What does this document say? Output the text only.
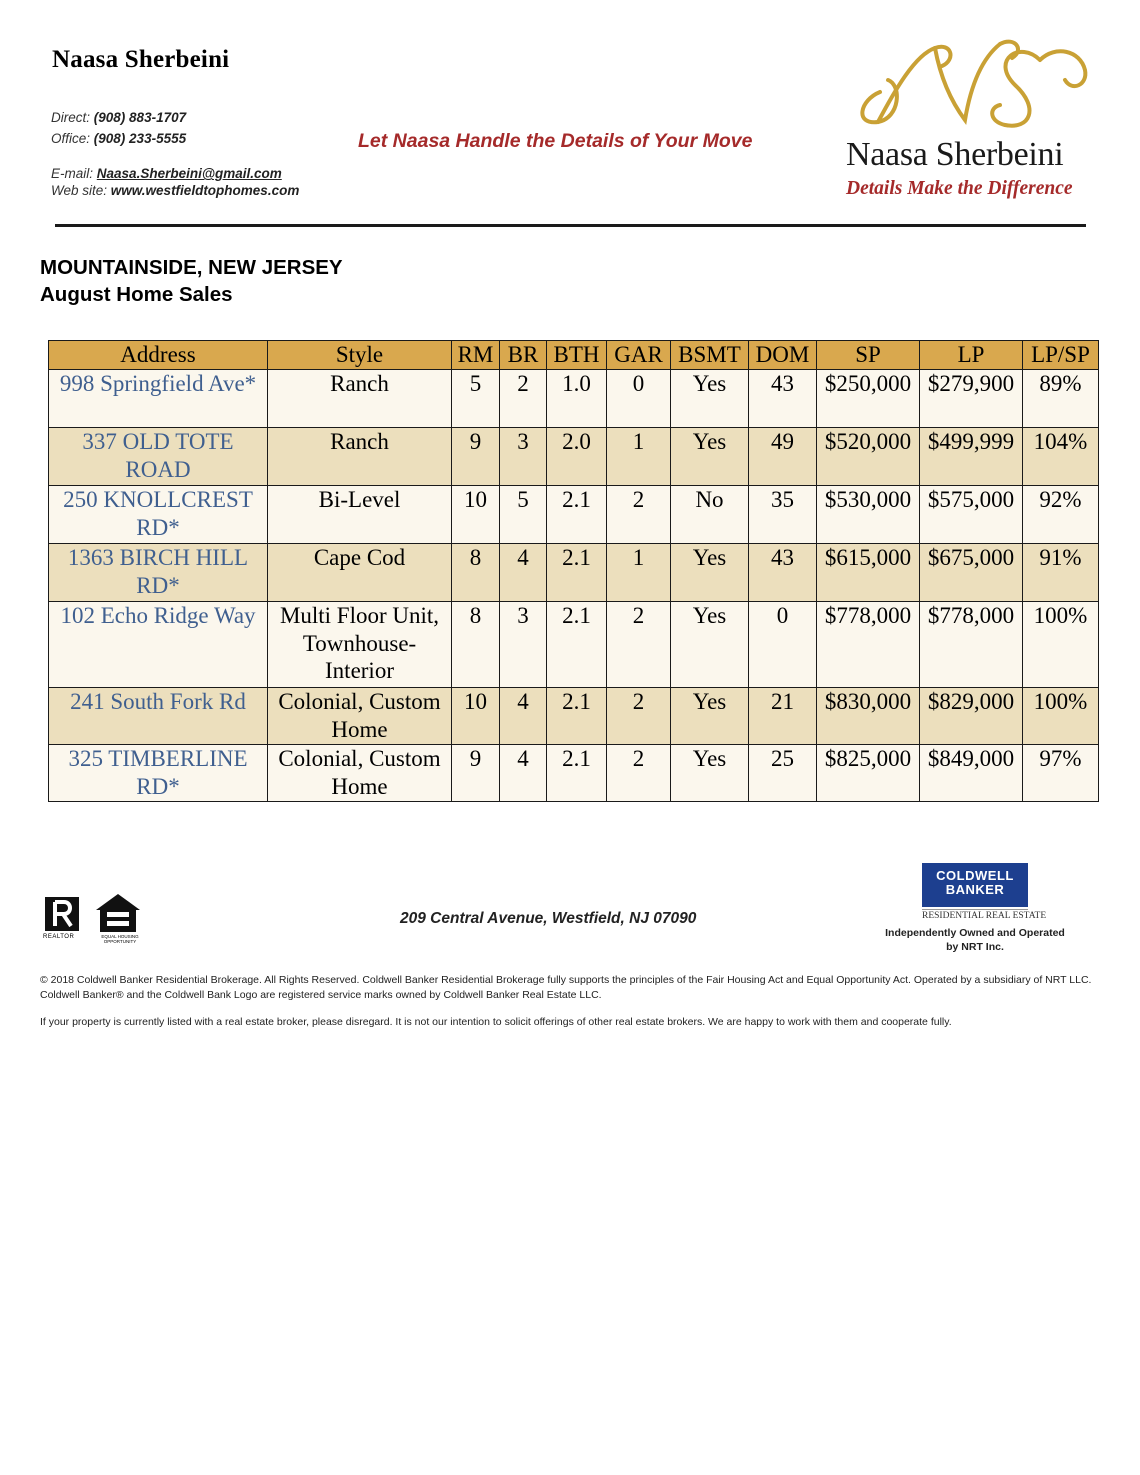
Naasa Sherbeini
Direct: (908) 883-1707
Office: (908) 233-5555
E-mail: Naasa.Sherbeini@gmail.com
Web site: www.westfieldtophomes.com
Let Naasa Handle the Details of Your Move	Naasa Sherbeini
Details Make the Difference
MOUNTAINSIDE, NEW JERSEY
August Home Sales
Address	Style	RM	BR	BTH	GAR	BSMT	DOM	SP	LP	LP/SP
998 Springfield Ave*	Ranch	5	2	1.0	0	Yes	43	$250,000	$279,900	89%
337 OLD TOTE ROAD	Ranch	9	3	2.0	1	Yes	49	$520,000	$499,999	104%
250 KNOLLCREST RD*	Bi-Level	10	5	2.1	2	No	35	$530,000	$575,000	92%
1363 BIRCH HILL RD*	Cape Cod	8	4	2.1	1	Yes	43	$615,000	$675,000	91%
102 Echo Ridge Way	Multi Floor Unit, Townhouse-Interior	8	3	2.1	2	Yes	0	$778,000	$778,000	100%
241 South Fork Rd	Colonial, Custom Home	10	4	2.1	2	Yes	21	$830,000	$829,000	100%
325 TIMBERLINE RD*	Colonial, Custom Home	9	4	2.1	2	Yes	25	$825,000	$849,000	97%
REALTOR	EQUAL HOUSING OPPORTUNITY
209 Central Avenue, Westfield, NJ 07090
COLDWELL
BANKER
RESIDENTIAL REAL ESTATE
Independently Owned and Operated by NRT Inc.
© 2018 Coldwell Banker Residential Brokerage. All Rights Reserved. Coldwell Banker Residential Brokerage fully supports the principles of the Fair Housing Act and Equal Opportunity Act. Operated by a subsidiary of NRT LLC. Coldwell Banker® and the Coldwell Bank Logo are registered service marks owned by Coldwell Banker Real Estate LLC.
If your property is currently listed with a real estate broker, please disregard. It is not our intention to solicit offerings of other real estate brokers. We are happy to work with them and cooperate fully.
